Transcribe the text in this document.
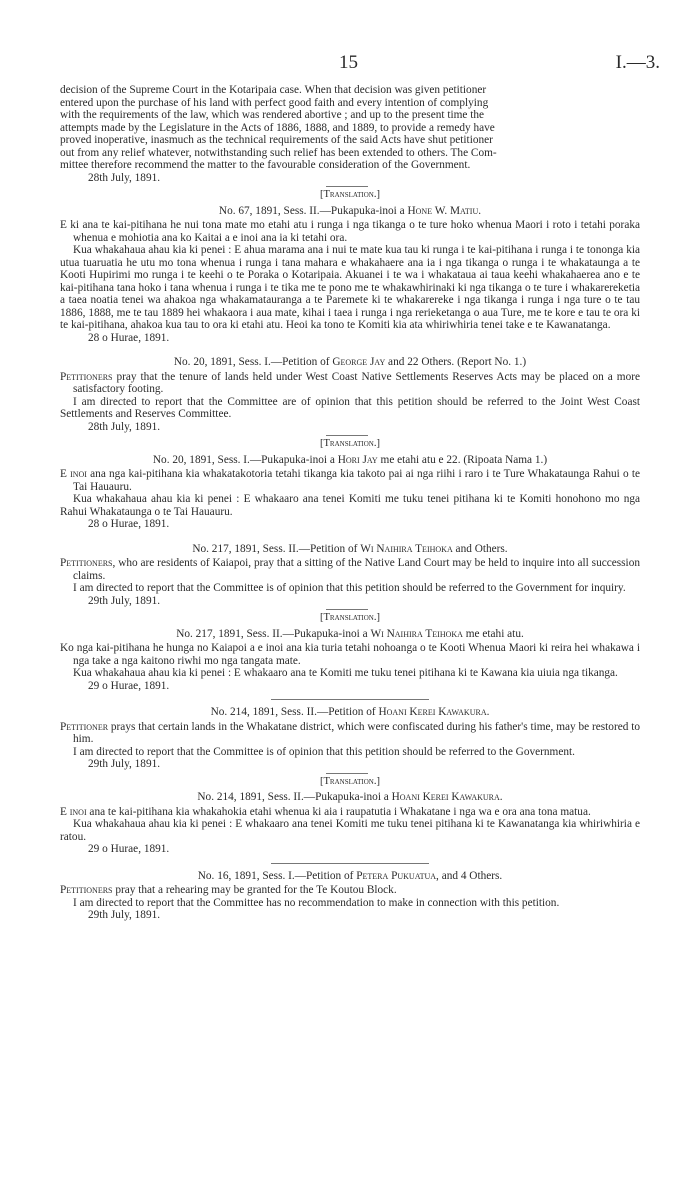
15	I.—3.
decision of the Supreme Court in the Kotaripaia case. When that decision was given petitioner
entered upon the purchase of his land with perfect good faith and every intention of complying
with the requirements of the law, which was rendered abortive ; and up to the present time the
attempts made by the Legislature in the Acts of 1886, 1888, and 1889, to provide a remedy have
proved inoperative, inasmuch as the technical requirements of the said Acts have shut petitioner
out from any relief whatever, notwithstanding such relief has been extended to others. The Com-
mittee therefore recommend the matter to the favourable consideration of the Government.

28th July, 1891.

[Translation.]

No. 67, 1891, Sess. II.—Pukapuka-inoi a Hone W. Matiu.

E ki ana te kai-pitihana he nui tona mate mo etahi atu i runga i nga tikanga o te ture hoko whenua Maori i roto i tetahi poraka whenua e mohiotia ana ko Kaitai a e inoi ana ia ki tetahi ora.

Kua whakahaua ahau kia ki penei : E ahua marama ana i nui te mate kua tau ki runga i te kai-pitihana i runga i te tononga kia utua tuaruatia he utu mo tona whenua i runga i tana mahara e whakahaere ana ia i nga tikanga o runga i te whakataunga a te Kooti Hupirimi mo runga i te keehi o te Poraka o Kotaripaia. Akuanei i te wa i whakataua ai taua keehi whakahaerea ano e te kai-pitihana tana hoko i tana whenua i runga i te tika me te pono me te whakawhirinaki ki nga tikanga o te ture i whakarereketia a taea noatia tenei wa ahakoa nga whakamatauranga a te Paremete ki te whakarereke i nga tikanga i runga i nga ture o te tau 1886, 1888, me te tau 1889 hei whakaora i aua mate, kihai i taea i runga i nga rerieketanga o aua Ture, me te kore e tau te ora ki te kai-pitihana, ahakoa kua tau to ora ki etahi atu. Heoi ka tono te Komiti kia ata whiriwhiria tenei take e te Kawanatanga.

28 o Hurae, 1891.

No. 20, 1891, Sess. I.—Petition of George Jay and 22 Others. (Report No. 1.)

Petitioners pray that the tenure of lands held under West Coast Native Settlements Reserves Acts may be placed on a more satisfactory footing.

I am directed to report that the Committee are of opinion that this petition should be referred to the Joint West Coast Settlements and Reserves Committee.

28th July, 1891.

[Translation.]

No. 20, 1891, Sess. I.—Pukapuka-inoi a Hori Jay me etahi atu e 22. (Ripoata Nama 1.)

E inoi ana nga kai-pitihana kia whakatakotoria tetahi tikanga kia takoto pai ai nga riihi i raro i te Ture Whakataunga Rahui o te Tai Hauauru.

Kua whakahaua ahau kia ki penei : E whakaaro ana tenei Komiti me tuku tenei pitihana ki te Komiti honohono mo nga Rahui Whakataunga o te Tai Hauauru.

28 o Hurae, 1891.

No. 217, 1891, Sess. II.—Petition of Wi Naihira Teihoka and Others.

Petitioners, who are residents of Kaiapoi, pray that a sitting of the Native Land Court may be held to inquire into all succession claims.

I am directed to report that the Committee is of opinion that this petition should be referred to the Government for inquiry.

29th July, 1891.

[Translation.]

No. 217, 1891, Sess. II.—Pukapuka-inoi a Wi Naihira Teihoka me etahi atu.

Ko nga kai-pitihana he hunga no Kaiapoi a e inoi ana kia turia tetahi nohoanga o te Kooti Whenua Maori ki reira hei whakawa i nga take a nga kaitono riwhi mo nga tangata mate.

Kua whakahaua ahau kia ki penei : E whakaaro ana te Komiti me tuku tenei pitihana ki te Kawana kia uiuia nga tikanga.

29 o Hurae, 1891.

No. 214, 1891, Sess. II.—Petition of Hoani Kerei Kawakura.

Petitioner prays that certain lands in the Whakatane district, which were confiscated during his father's time, may be restored to him.

I am directed to report that the Committee is of opinion that this petition should be referred to the Government.

29th July, 1891.

[Translation.]

No. 214, 1891, Sess. II.—Pukapuka-inoi a Hoani Kerei Kawakura.

E inoi ana te kai-pitihana kia whakahokia etahi whenua ki aia i raupatutia i Whakatane i nga wa e ora ana tona matua.

Kua whakahaua ahau kia ki penei : E whakaaro ana tenei Komiti me tuku tenei pitihana ki te Kawanatanga kia whiriwhiria e ratou.

29 o Hurae, 1891.

No. 16, 1891, Sess. I.—Petition of Petera Pukuatua, and 4 Others.

Petitioners pray that a rehearing may be granted for the Te Koutou Block.

I am directed to report that the Committee has no recommendation to make in connection with this petition.

29th July, 1891.
